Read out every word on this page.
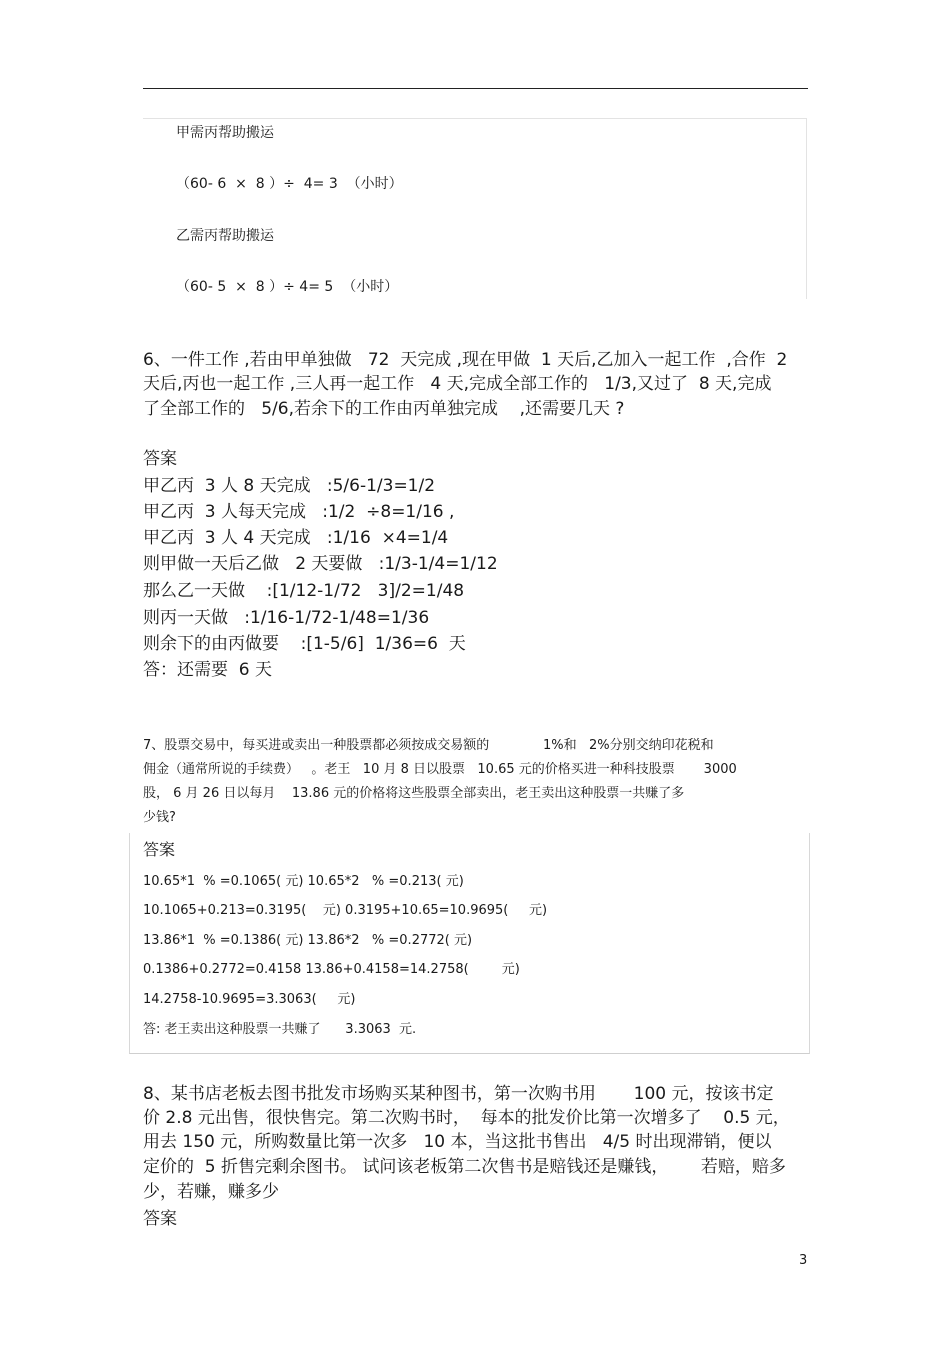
甲需丙帮助搬运
（60- 6  ×  8 ）÷  4= 3  （小时）
乙需丙帮助搬运
（60- 5  ×  8 ）÷ 4= 5  （小时）
6、一件工作 ,若由甲单独做   72  天完成 ,现在甲做  1 天后,乙加入一起工作  ,合作  2
天后,丙也一起工作 ,三人再一起工作   4 天,完成全部工作的   1/3,又过了  8 天,完成
了全部工作的   5/6,若余下的工作由丙单独完成    ,还需要几天 ?
答案
甲乙丙  3 人 8 天完成   :5/6-1/3=1/2
甲乙丙  3 人每天完成   :1/2  ÷8=1/16 ,
甲乙丙  3 人 4 天完成   :1/16  ×4=1/4
则甲做一天后乙做   2 天要做   :1/3-1/4=1/12
那么乙一天做    :[1/12-1/72   3]/2=1/48
则丙一天做   :1/16-1/72-1/48=1/36
则余下的由丙做要    :[1-5/6]  1/36=6  天
答：还需要  6 天
7、股票交易中，每买进或卖出一种股票都必须按成交易额的             1%和   2%分别交纳印花税和
佣金（通常所说的手续费）   。老王   10 月 8 日以股票   10.65 元的价格买进一种科技股票       3000
股， 6 月 26 日以每月    13.86 元的价格将这些股票全部卖出，老王卖出这种股票一共赚了多
少钱?
答案
10.65*1  % =0.1065( 元) 10.65*2   % =0.213( 元)
10.1065+0.213=0.3195(    元) 0.3195+10.65=10.9695(     元)
13.86*1  % =0.1386( 元) 13.86*2   % =0.2772( 元)
0.1386+0.2772=0.4158 13.86+0.4158=14.2758(        元)
14.2758-10.9695=3.3063(     元)
答: 老王卖出这种股票一共赚了      3.3063  元.
8、某书店老板去图书批发市场购买某种图书，第一次购书用       100 元，按该书定
价 2.8 元出售，很快售完。第二次购书时，  每本的批发价比第一次增多了    0.5 元，
用去 150 元，所购数量比第一次多   10 本，当这批书售出   4/5 时出现滞销，便以
定价的  5 折售完剩余图书。 试问该老板第二次售书是赔钱还是赚钱，      若赔，赔多
少，若赚，赚多少
答案
3
